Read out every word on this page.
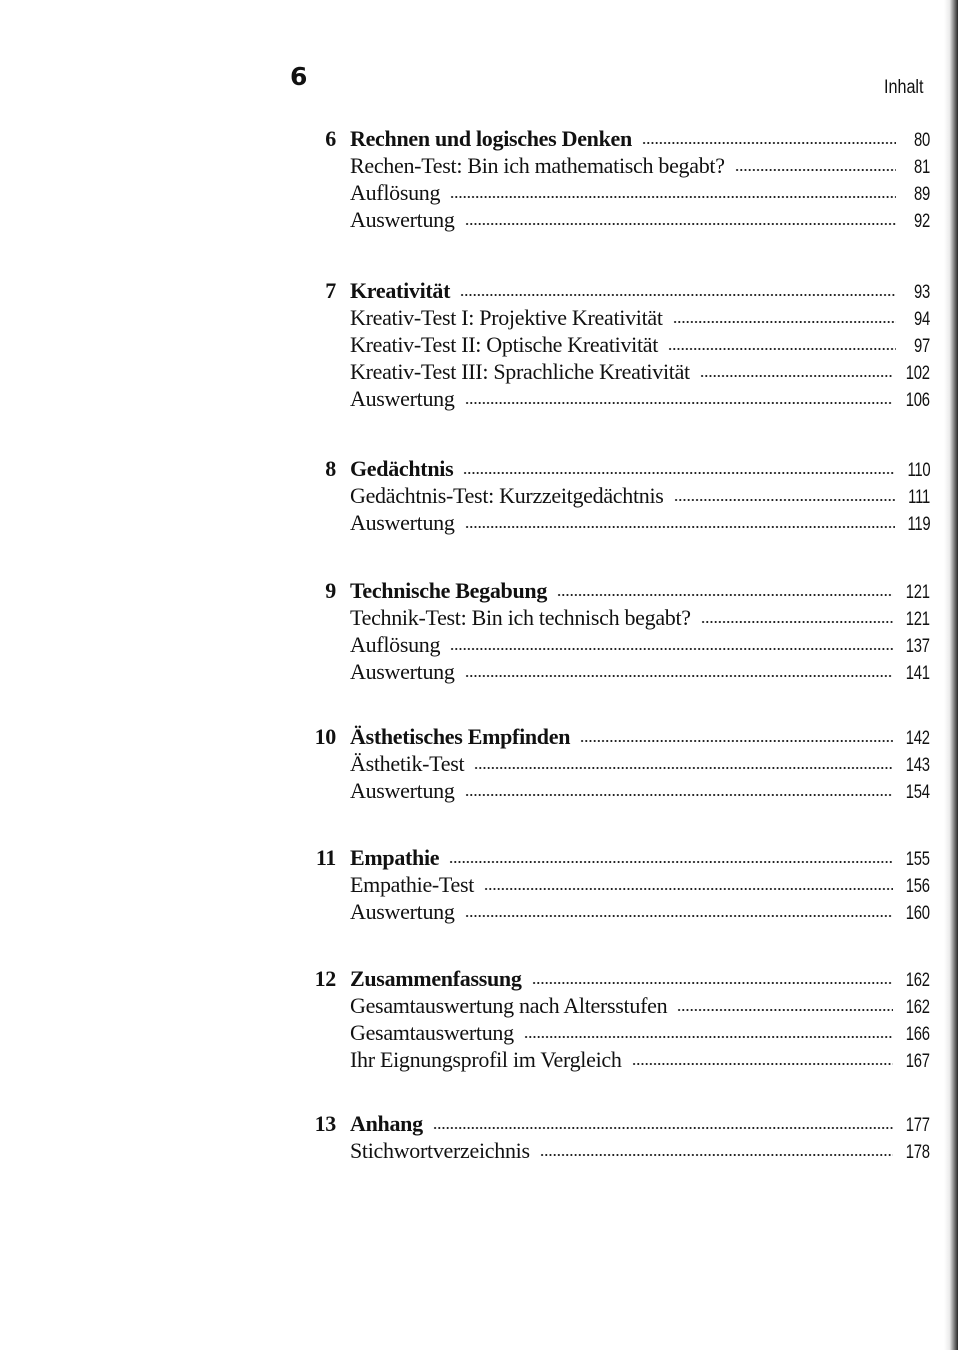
6	Inhalt
6 Rechnen und logisches Denken	80
Rechen-Test: Bin ich mathematisch begabt?	81
Auflösung	89
Auswertung	92
7 Kreativität	93
Kreativ-Test I: Projektive Kreativität	94
Kreativ-Test II: Optische Kreativität	97
Kreativ-Test III: Sprachliche Kreativität	102
Auswertung	106
8 Gedächtnis	110
Gedächtnis-Test: Kurzzeitgedächtnis	111
Auswertung	119
9 Technische Begabung	121
Technik-Test: Bin ich technisch begabt?	121
Auflösung	137
Auswertung	141
10 Ästhetisches Empfinden	142
Ästhetik-Test	143
Auswertung	154
11 Empathie	155
Empathie-Test	156
Auswertung	160
12 Zusammenfassung	162
Gesamtauswertung nach Altersstufen	162
Gesamtauswertung	166
Ihr Eignungsprofil im Vergleich	167
13 Anhang	177
Stichwortverzeichnis	178
